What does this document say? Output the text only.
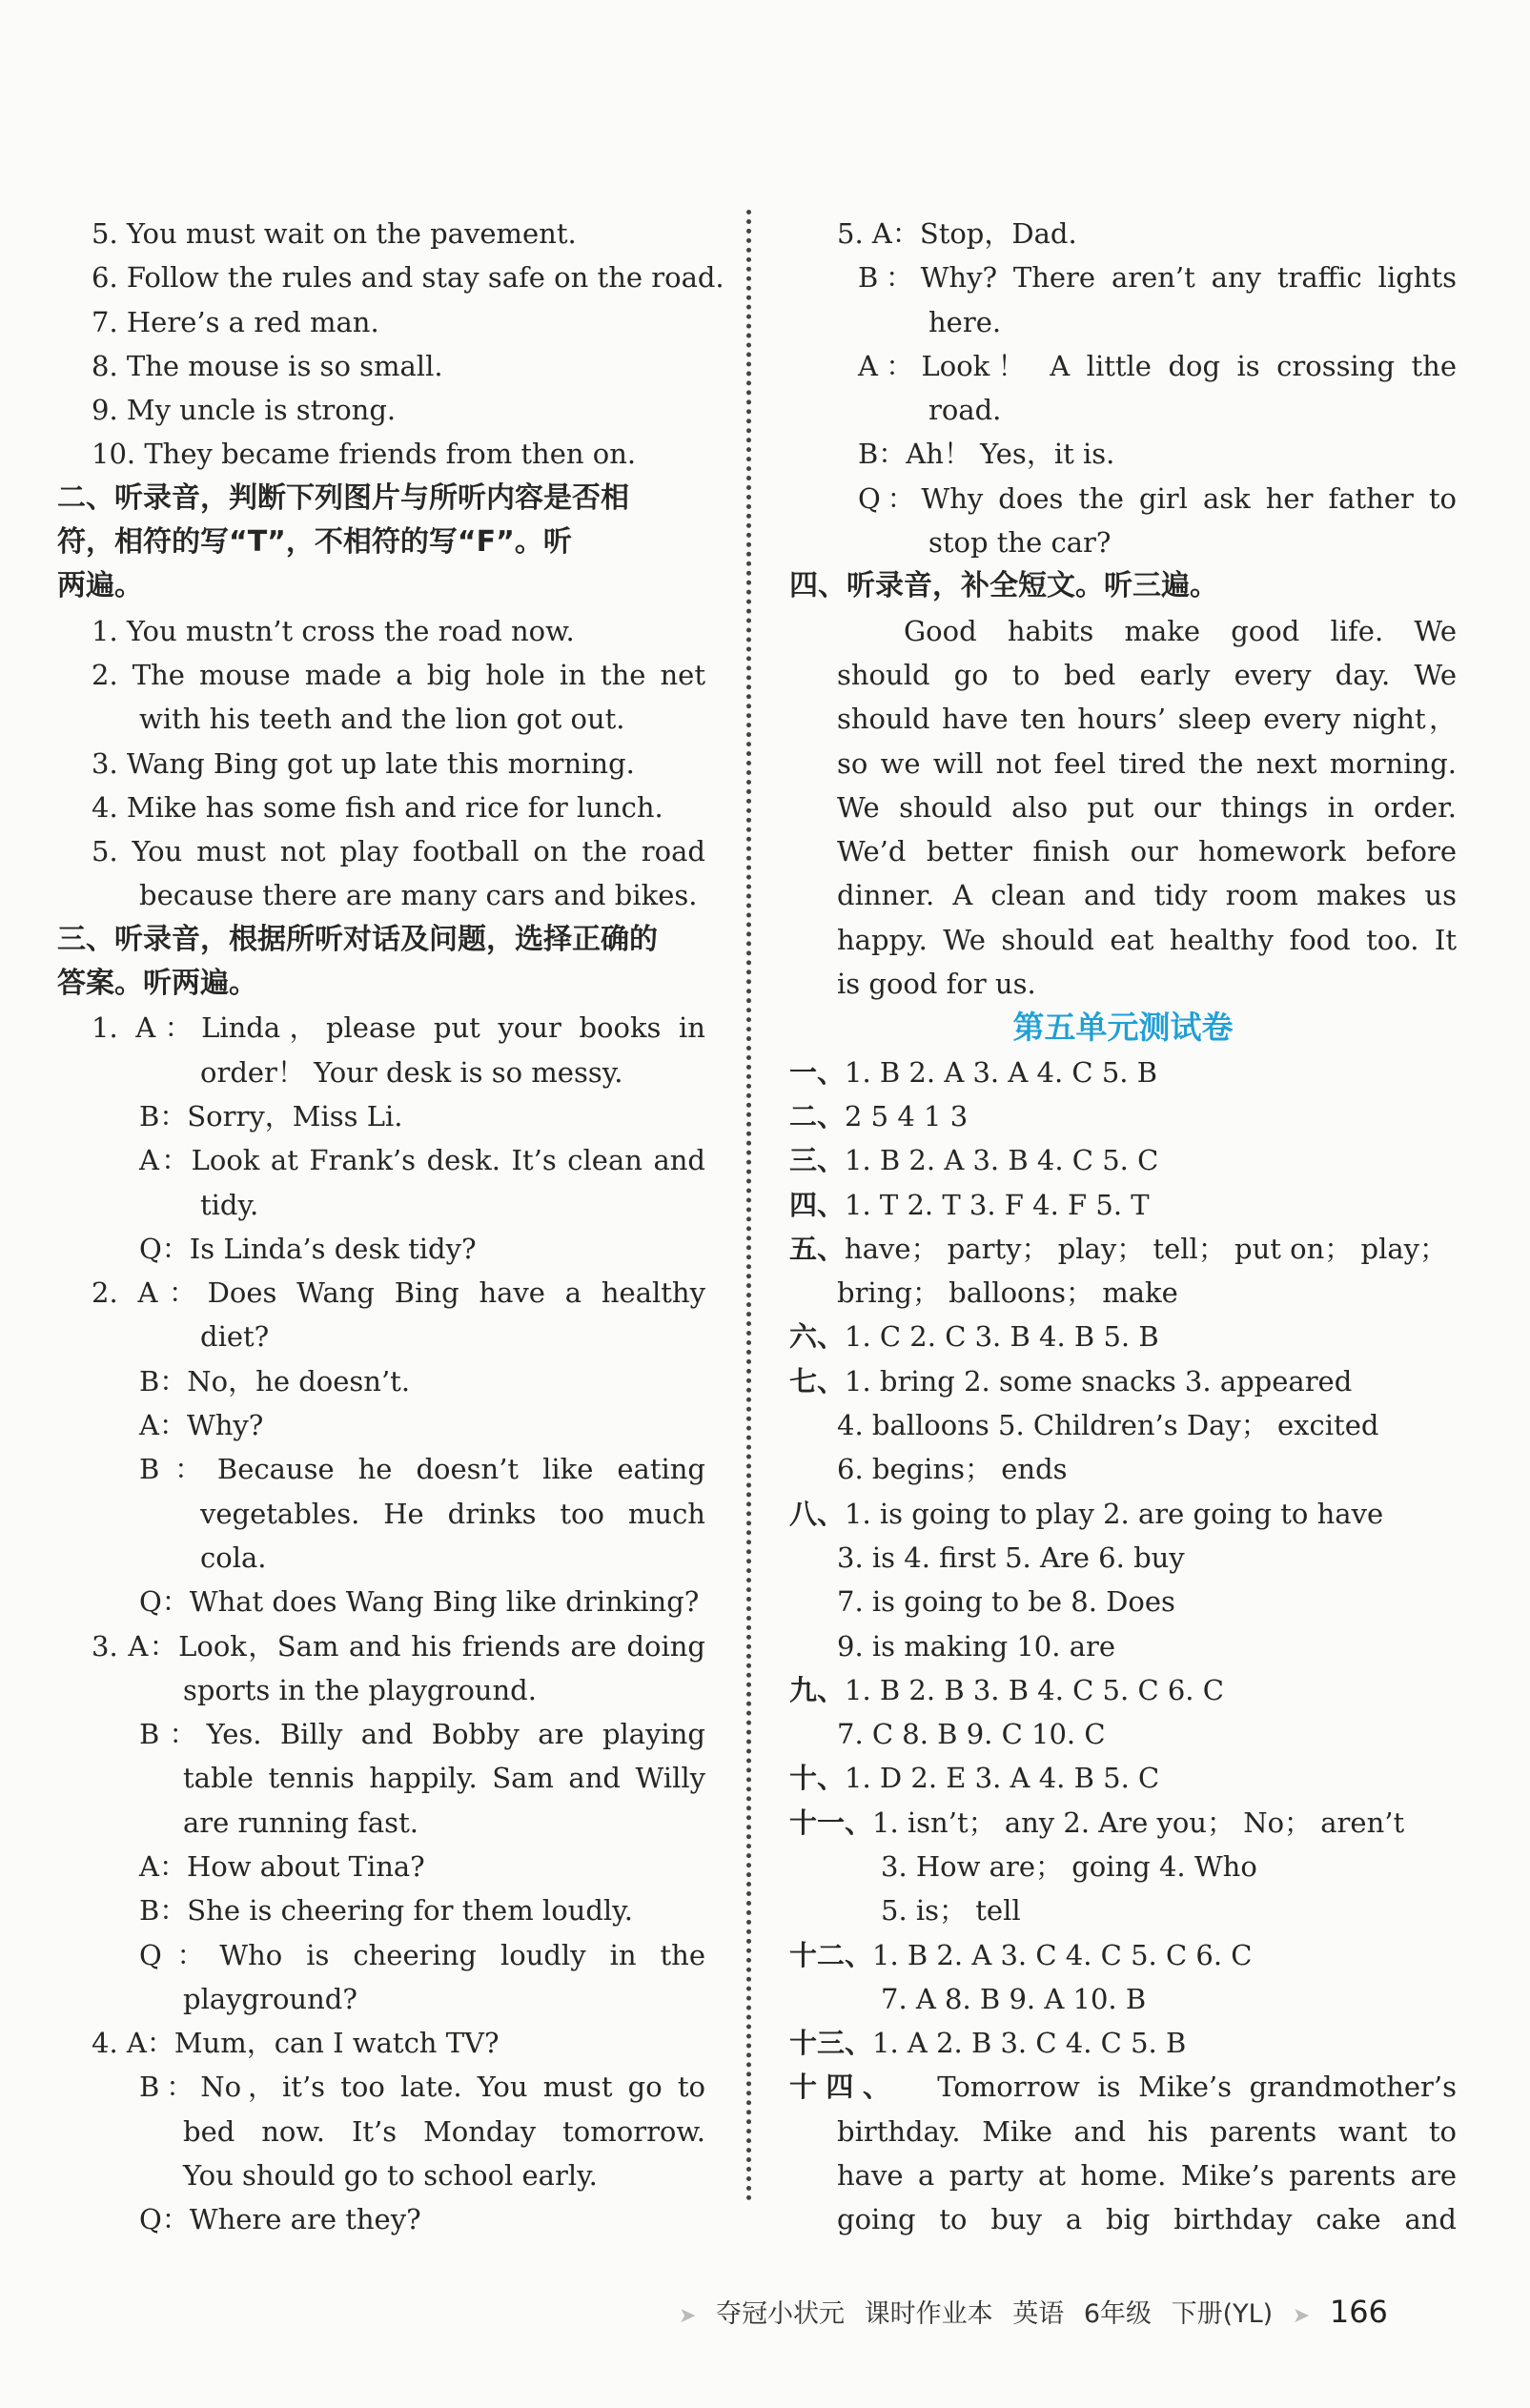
5. You must wait on the pavement.
6. Follow the rules and stay safe on the road.
7. Here’s a red man.
8. The mouse is so small.
9. My uncle is strong.
10. They became friends from then on.
二、听录音，判断下列图片与所听内容是否相
符，相符的写“T”，不相符的写“F”。听
两遍。
1. You mustn’t cross the road now.
2. The mouse made a big hole in the net
with his teeth and the lion got out.
3. Wang Bing got up late this morning.
4. Mike has some fish and rice for lunch.
5. You must not play football on the road
because there are many cars and bikes.
三、听录音，根据所听对话及问题，选择正确的
答案。听两遍。
1. A：Linda，please put your books in
order！ Your desk is so messy.
B：Sorry，Miss Li.
A：Look at Frank’s desk. It’s clean and
tidy.
Q：Is Linda’s desk tidy?
2. A：Does Wang Bing have a healthy
diet?
B：No，he doesn’t.
A：Why?
B：Because he doesn’t like eating
vegetables. He drinks too much
cola.
Q：What does Wang Bing like drinking?
3. A：Look，Sam and his friends are doing
sports in the playground.
B：Yes. Billy and Bobby are playing
table tennis happily. Sam and Willy
are running fast.
A：How about Tina?
B：She is cheering for them loudly.
Q：Who is cheering loudly in the
playground?
4. A：Mum，can I watch TV?
B：No，it’s too late. You must go to
bed now. It’s Monday tomorrow.
You should go to school early.
Q：Where are they?
5. A：Stop，Dad.
B：Why? There aren’t any traffic lights
here.
A：Look！ A little dog is crossing the
road.
B：Ah！ Yes，it is.
Q：Why does the girl ask her father to
stop the car?
四、听录音，补全短文。听三遍。
Good habits make good life. We
should go to bed early every day. We
should have ten hours’ sleep every night，
so we will not feel tired the next morning.
We should also put our things in order.
We’d better finish our homework before
dinner. A clean and tidy room makes us
happy. We should eat healthy food too. It
is good for us.
第五单元测试卷
一、1. B 2. A 3. A 4. C 5. B
二、2 5 4 1 3
三、1. B 2. A 3. B 4. C 5. C
四、1. T 2. T 3. F 4. F 5. T
五、have； party； play； tell； put on； play；
bring； balloons； make
六、1. C 2. C 3. B 4. B 5. B
七、1. bring 2. some snacks 3. appeared
4. balloons 5. Children’s Day； excited
6. begins； ends
八、1. is going to play 2. are going to have
3. is 4. first 5. Are 6. buy
7. is going to be 8. Does
9. is making 10. are
九、1. B 2. B 3. B 4. C 5. C 6. C
7. C 8. B 9. C 10. C
十、1. D 2. E 3. A 4. B 5. C
十一、1. isn’t； any 2. Are you； No； aren’t
3. How are； going 4. Who
5. is； tell
十二、1. B 2. A 3. C 4. C 5. C 6. C
7. A 8. B 9. A 10. B
十三、1. A 2. B 3. C 4. C 5. B
十四、 Tomorrow is Mike’s grandmother’s
birthday. Mike and his parents want to
have a party at home. Mike’s parents are
going to buy a big birthday cake and
➤ 夺冠小状元 课时作业本 英语 6年级 下册(YL) ➤ 166
